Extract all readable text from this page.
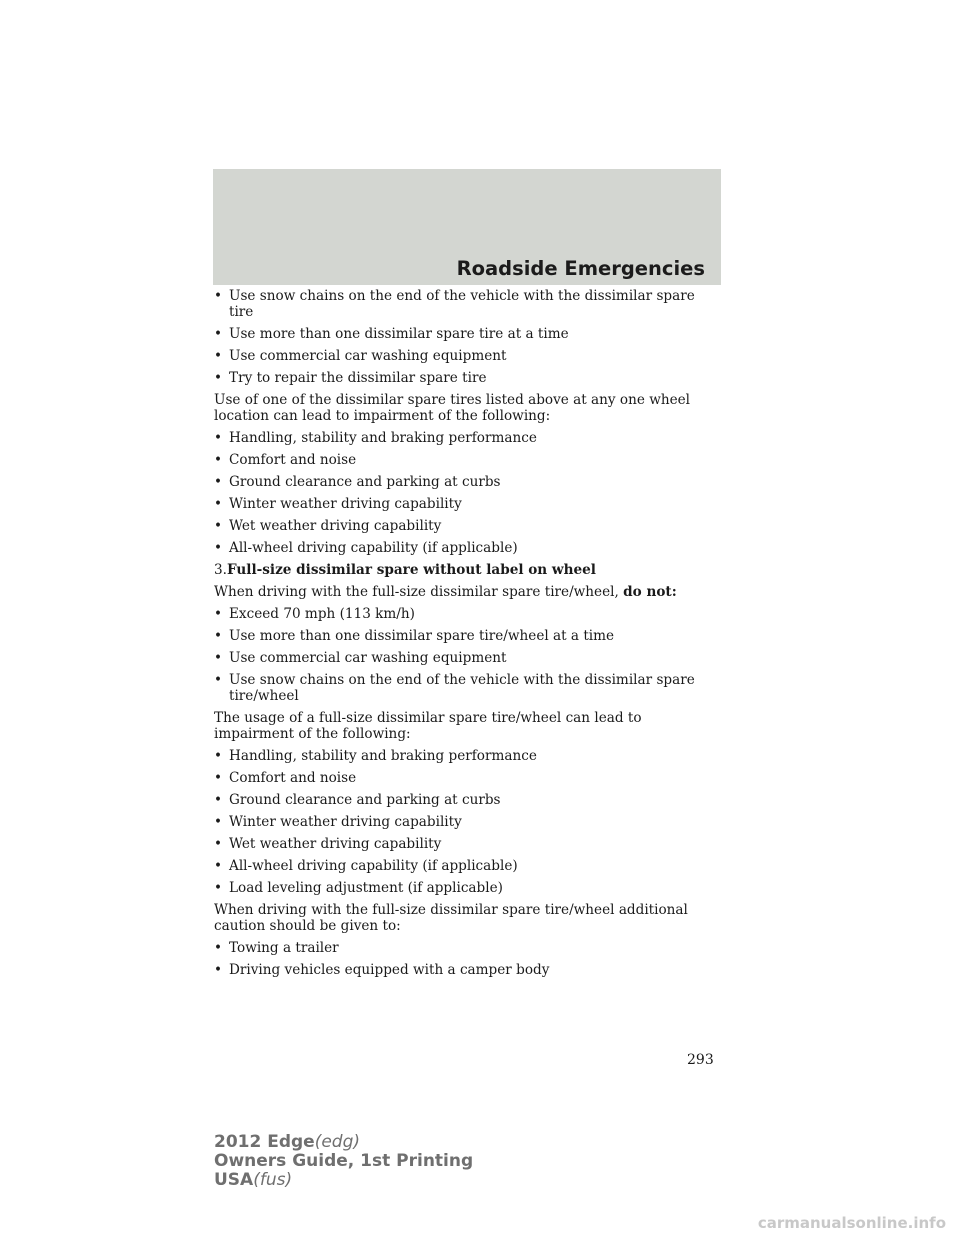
Roadside Emergencies
• Use snow chains on the end of the vehicle with the dissimilar spare tire
• Use more than one dissimilar spare tire at a time
• Use commercial car washing equipment
• Try to repair the dissimilar spare tire
Use of one of the dissimilar spare tires listed above at any one wheel location can lead to impairment of the following:
• Handling, stability and braking performance
• Comfort and noise
• Ground clearance and parking at curbs
• Winter weather driving capability
• Wet weather driving capability
• All-wheel driving capability (if applicable)
3.Full-size dissimilar spare without label on wheel
When driving with the full-size dissimilar spare tire/wheel, do not:
• Exceed 70 mph (113 km/h)
• Use more than one dissimilar spare tire/wheel at a time
• Use commercial car washing equipment
• Use snow chains on the end of the vehicle with the dissimilar spare tire/wheel
The usage of a full-size dissimilar spare tire/wheel can lead to impairment of the following:
• Handling, stability and braking performance
• Comfort and noise
• Ground clearance and parking at curbs
• Winter weather driving capability
• Wet weather driving capability
• All-wheel driving capability (if applicable)
• Load leveling adjustment (if applicable)
When driving with the full-size dissimilar spare tire/wheel additional caution should be given to:
• Towing a trailer
• Driving vehicles equipped with a camper body
293
2012 Edge(edg)
Owners Guide, 1st Printing
USA(fus)
carmanualsonline.info
